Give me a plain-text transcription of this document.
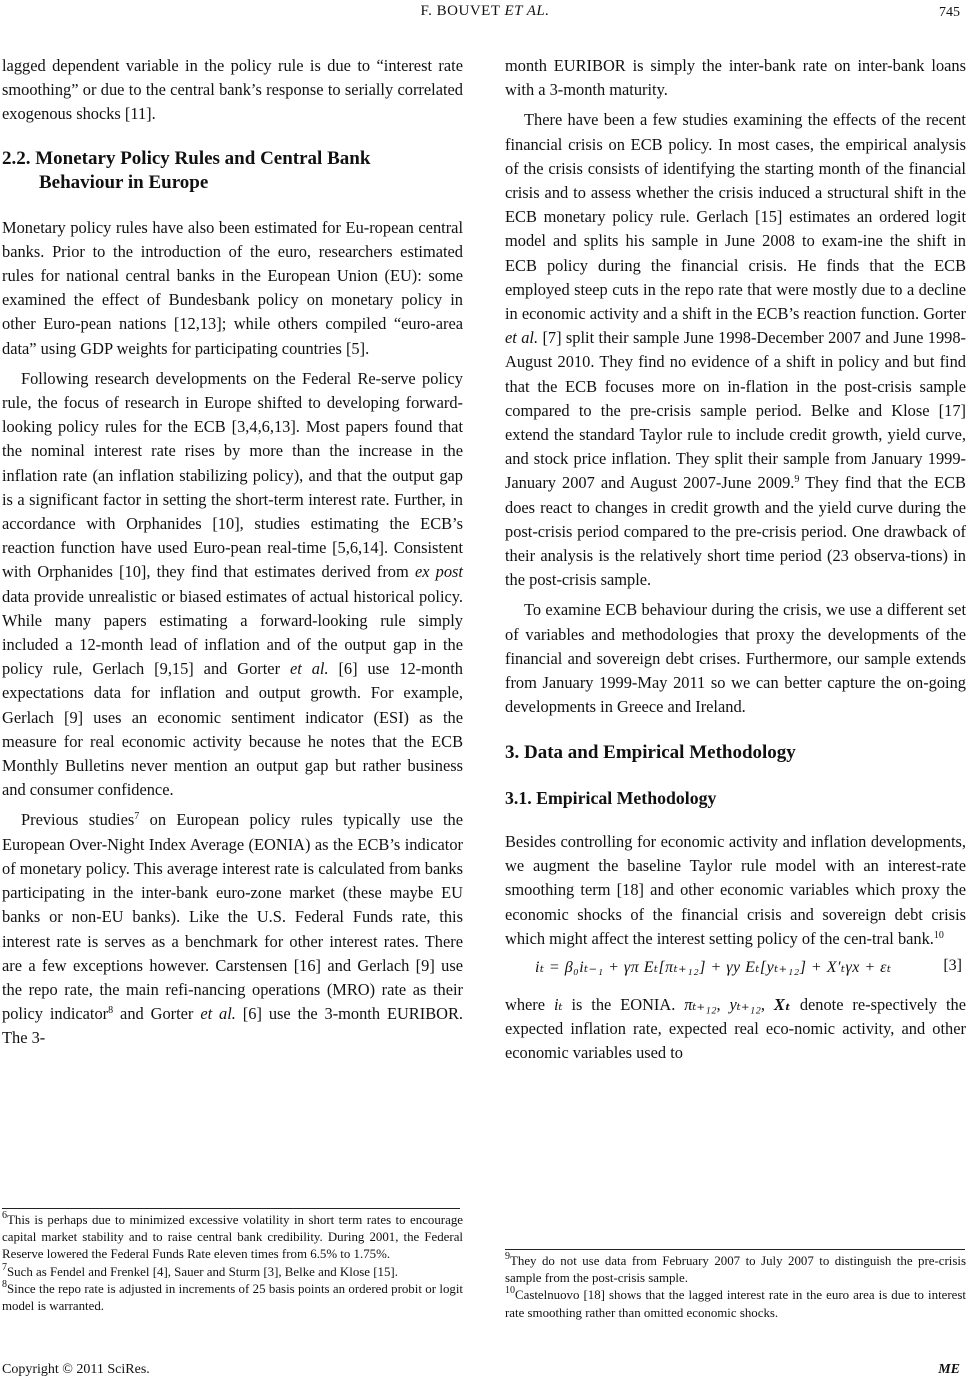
F. BOUVET ET AL.	745

lagged dependent variable in the policy rule is due to “interest rate smoothing” or due to the central bank’s response to serially correlated exogenous shocks [11].

2.2. Monetary Policy Rules and Central Bank
Behaviour in Europe

Monetary policy rules have also been estimated for Eu-ropean central banks. Prior to the introduction of the euro, researchers estimated rules for national central banks in the European Union (EU): some examined the effect of Bundesbank policy on monetary policy in other Euro-pean nations [12,13]; while others compiled “euro-area data” using GDP weights for participating countries [5].

Following research developments on the Federal Re-serve policy rule, the focus of research in Europe shifted to developing forward-looking policy rules for the ECB [3,4,6,13]. Most papers found that the nominal interest rate rises by more than the increase in the inflation rate (an inflation stabilizing policy), and that the output gap is a significant factor in setting the short-term interest rate. Further, in accordance with Orphanides [10], studies estimating the ECB’s reaction function have used Euro-pean real-time [5,6,14]. Consistent with Orphanides [10], they find that estimates derived from ex post data provide unrealistic or biased estimates of actual historical policy. While many papers estimating a forward-looking rule simply included a 12-month lead of inflation and of the output gap in the policy rule, Gerlach [9,15] and Gorter et al. [6] use 12-month expectations data for inflation and output growth. For example, Gerlach [9] uses an economic sentiment indicator (ESI) as the measure for real economic activity because he notes that the ECB Monthly Bulletins never mention an output gap but rather business and consumer confidence.

Previous studies$^7$ on European policy rules typically use the European Over-Night Index Average (EONIA) as the ECB’s indicator of monetary policy. This average interest rate is calculated from banks participating in the inter-bank euro-zone market (these maybe EU banks or non-EU banks). Like the U.S. Federal Funds rate, this interest rate is serves as a benchmark for other interest rates. There are a few exceptions however. Carstensen [16] and Gerlach [9] use the repo rate, the main refi-nancing operations (MRO) rate as their policy indicator$^8$ and Gorter et al. [6] use the 3-month EURIBOR. The 3-

$^6$This is perhaps due to minimized excessive volatility in short term rates to encourage capital market stability and to raise central bank credibility. During 2001, the Federal Reserve lowered the Federal Funds Rate eleven times from 6.5% to 1.75%.

$^7$Such as Fendel and Frenkel [4], Sauer and Sturm [3], Belke and Klose [15].

$^8$Since the repo rate is adjusted in increments of 25 basis points an ordered probit or logit model is warranted.

month EURIBOR is simply the inter-bank rate on inter-bank loans with a 3-month maturity.

There have been a few studies examining the effects of the recent financial crisis on ECB policy. In most cases, the empirical analysis of the crisis consists of identifying the starting month of the financial crisis and to assess whether the crisis induced a structural shift in the ECB monetary policy rule. Gerlach [15] estimates an ordered logit model and splits his sample in June 2008 to exam-ine the shift in ECB policy during the financial crisis. He finds that the ECB employed steep cuts in the repo rate that were mostly due to a decline in economic activity and a shift in the ECB’s reaction function. Gorter et al. [7] split their sample June 1998-December 2007 and June 1998-August 2010. They find no evidence of a shift in policy and but find that the ECB focuses more on in-flation in the post-crisis sample compared to the pre-crisis sample period. Belke and Klose [17] extend the standard Taylor rule to include credit growth, yield curve, and stock price inflation. They split their sample from January 1999-January 2007 and August 2007-June 2009.$^9$ They find that the ECB does react to changes in credit growth and the yield curve during the post-crisis period compared to the pre-crisis period. One drawback of their analysis is the relatively short time period (23 observa-tions) in the post-crisis sample.

To examine ECB behaviour during the crisis, we use a different set of variables and methodologies that proxy the developments of the financial and sovereign debt crises. Furthermore, our sample extends from January 1999-May 2011 so we can better capture the on-going developments in Greece and Ireland.

3. Data and Empirical Methodology
3.1. Empirical Methodology

Besides controlling for economic activity and inflation developments, we augment the baseline Taylor rule model with an interest-rate smoothing term [18] and other economic variables which proxy the economic shocks of the financial crisis and sovereign debt crisis which might affect the interest setting policy of the cen-tral bank.$^{10}$

iₜ = β₀iₜ₋₁ + γπ Eₜ[πₜ₊₁₂] + γy Eₜ[yₜ₊₁₂] + X′ₜγx + εₜ	[3]

where iₜ is the EONIA. πₜ₊₁₂, yₜ₊₁₂, Xₜ denote re-spectively the expected inflation rate, expected real eco-nomic activity, and other economic variables used to

$^9$They do not use data from February 2007 to July 2007 to distinguish the pre-crisis sample from the post-crisis sample.

$^{10}$Castelnuovo [18] shows that the lagged interest rate in the euro area is due to interest rate smoothing rather than omitted economic shocks.

Copyright © 2011 SciRes.	ME
